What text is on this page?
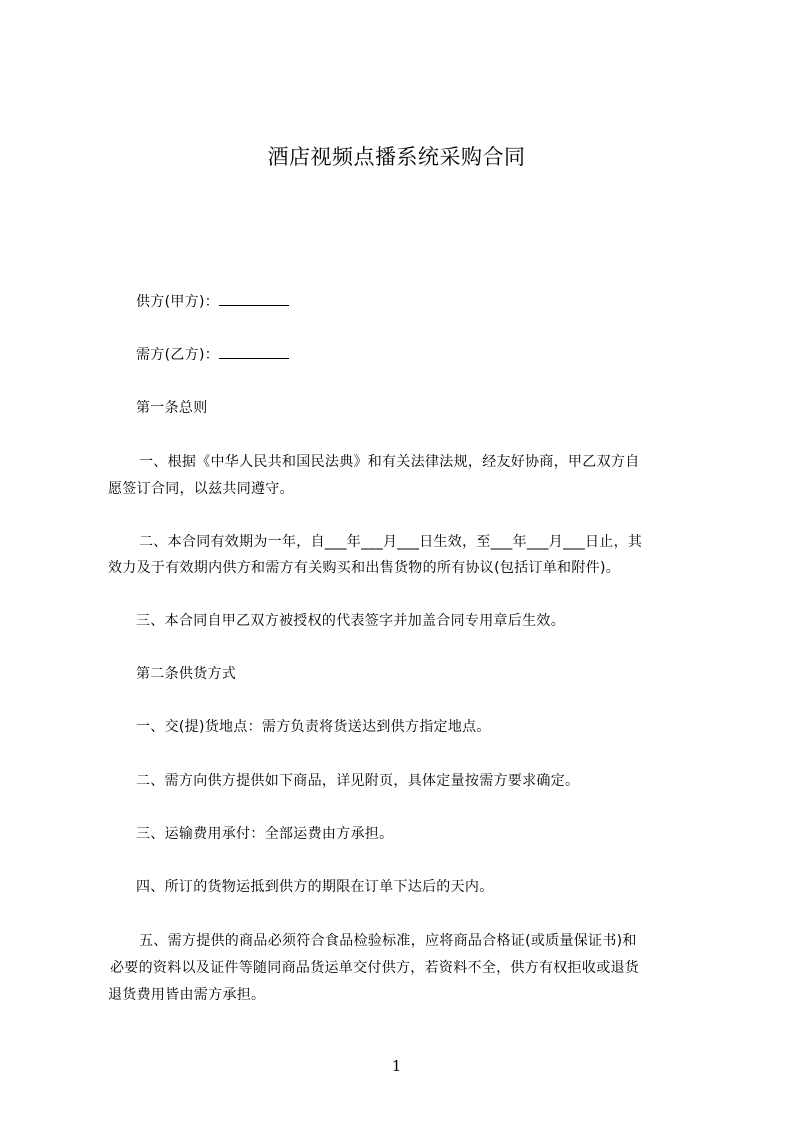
酒店视频点播系统采购合同
供方(甲方)：
需方(乙方)：
第一条总则
一、根据《中华人民共和国民法典》和有关法律法规，经友好协商，甲乙双方自
愿签订合同，以兹共同遵守。
二、本合同有效期为一年，自___年___月___日生效，至___年___月___日止，其
效力及于有效期内供方和需方有关购买和出售货物的所有协议(包括订单和附件)。
三、本合同自甲乙双方被授权的代表签字并加盖合同专用章后生效。
第二条供货方式
一、交(提)货地点：需方负责将货送达到供方指定地点。
二、需方向供方提供如下商品，详见附页，具体定量按需方要求确定。
三、运输费用承付：全部运费由方承担。
四、所订的货物运抵到供方的期限在订单下达后的天内。
五、需方提供的商品必须符合食品检验标准，应将商品合格证(或质量保证书)和
必要的资料以及证件等随同商品货运单交付供方，若资料不全，供方有权拒收或退货
退货费用皆由需方承担。
1
